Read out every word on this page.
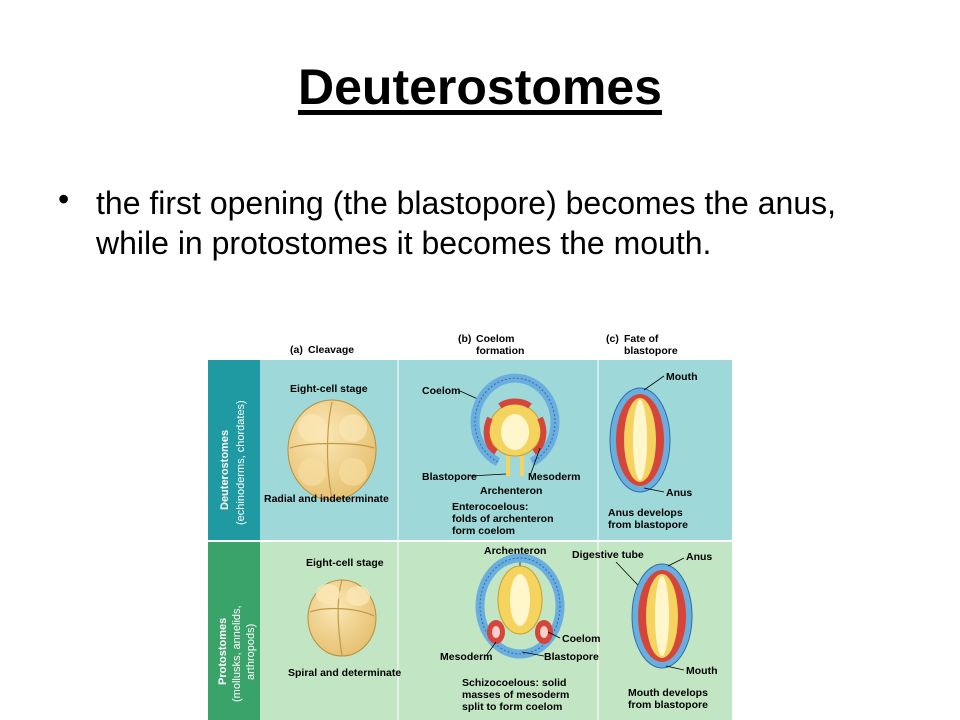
Deuterostomes
• the first opening (the blastopore) becomes the anus, while in protostomes it becomes the mouth.
(a) Cleavage
(b) Coelom
formation
(c) Fate of
blastopore
Deuterostomes (echinoderms, chordates)
Protostomes (mollusks, annelids, arthropods)
Eight-cell stage
Radial and indeterminate
Coelom
Blastopore	Mesoderm
Archenteron
Enterocoelous:
folds of archenteron
form coelom
Mouth
Anus
Anus develops
from blastopore
Eight-cell stage
Spiral and determinate
Archenteron
Coelom
Mesoderm	Blastopore
Schizocoelous: solid
masses of mesoderm
split to form coelom
Digestive tube	Anus
Mouth
Mouth develops
from blastopore
